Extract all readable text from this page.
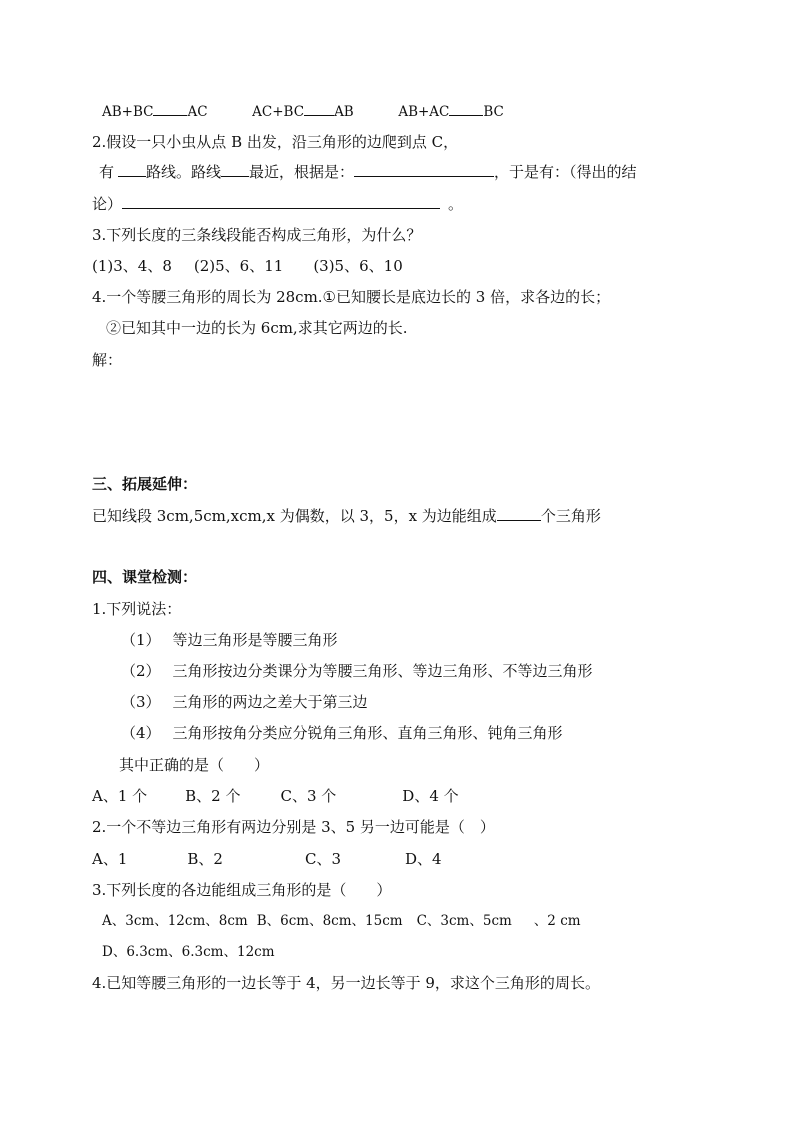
AB+BC	AC	AC+BC AB	AB+AC	BC
2.假设一只小虫从点 B 出发，沿三角形的边爬到点 C，
有 路线。路线 最近，根据是：	，于是有：（得出的结
论）	。
3.下列长度的三条线段能否构成三角形，为什么？
(1)3、4、8 (2)5、6、11 (3)5、6、10
4.一个等腰三角形的周长为 28cm.①已知腰长是底边长的 3 倍，求各边的长；
②已知其中一边的长为 6cm,求其它两边的长.
解：
三、拓展延伸：
已知线段 3cm,5cm,xcm,x 为偶数，以 3，5，x 为边能组成	个三角形
四、课堂检测：
1.下列说法：
（1） 等边三角形是等腰三角形
（2） 三角形按边分类课分为等腰三角形、等边三角形、不等边三角形
（3） 三角形的两边之差大于第三边
（4） 三角形按角分类应分锐角三角形、直角三角形、钝角三角形
其中正确的是（　　）
A、1 个	B、2 个	C、3 个	D、4 个
2.一个不等边三角形有两边分别是 3、5 另一边可能是（　）
A、1	B、2	C、3	D、4
3.下列长度的各边能组成三角形的是（　　）
A、3cm、12cm、8cm B、6cm、8cm、15cm C、3cm、5cm 、2 cm
D、6.3cm、6.3cm、12cm
4.已知等腰三角形的一边长等于 4，另一边长等于 9，求这个三角形的周长。
